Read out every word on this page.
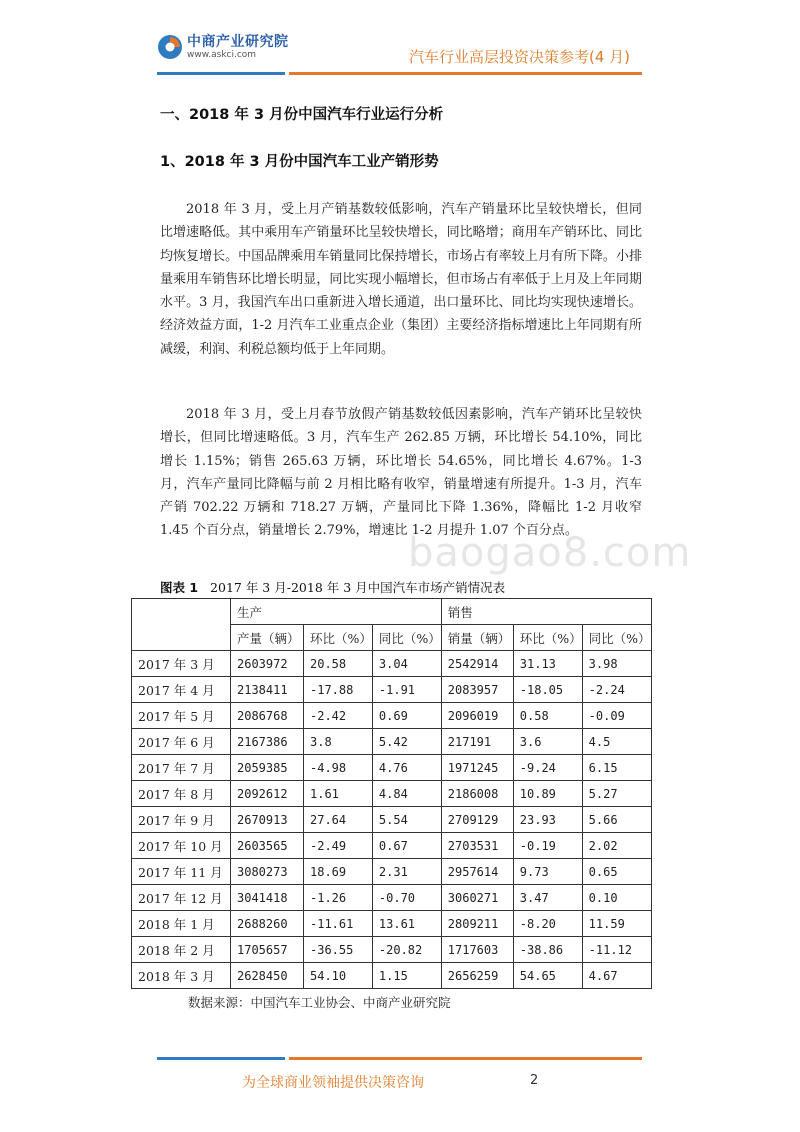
中商产业研究院
www.askci.com	汽车行业高层投资决策参考(4 月)
一、2018 年 3 月份中国汽车行业运行分析
1、2018 年 3 月份中国汽车工业产销形势

2018 年 3 月，受上月产销基数较低影响，汽车产销量环比呈较快增长，但同比增速略低。其中乘用车产销量环比呈较快增长，同比略增；商用车产销环比、同比均恢复增长。中国品牌乘用车销量同比保持增长，市场占有率较上月有所下降。小排量乘用车销售环比增长明显，同比实现小幅增长，但市场占有率低于上月及上年同期水平。3 月，我国汽车出口重新进入增长通道，出口量环比、同比均实现快速增长。经济效益方面，1-2 月汽车工业重点企业（集团）主要经济指标增速比上年同期有所减缓，利润、利税总额均低于上年同期。

2018 年 3 月，受上月春节放假产销基数较低因素影响，汽车产销环比呈较快增长，但同比增速略低。3 月，汽车生产 262.85 万辆，环比增长 54.10%，同比增长 1.15%；销售 265.63 万辆，环比增长 54.65%，同比增长 4.67%。1-3 月，汽车产量同比降幅与前 2 月相比略有收窄，销量增速有所提升。1-3 月，汽车产销 702.22 万辆和 718.27 万辆，产量同比下降 1.36%，降幅比 1-2 月收窄 1.45 个百分点，销量增长 2.79%，增速比 1-2 月提升 1.07 个百分点。

baogao8.com
图表 1 2017 年 3 月-2018 年 3 月中国汽车市场产销情况表
	生产			销售		
	产量（辆）	环比（%）	同比（%）	销量（辆）	环比（%）	同比（%）
2017 年 3 月	2603972	20.58	3.04	2542914	31.13	3.98
2017 年 4 月	2138411	-17.88	-1.91	2083957	-18.05	-2.24
2017 年 5 月	2086768	-2.42	0.69	2096019	0.58	-0.09
2017 年 6 月	2167386	3.8	5.42	217191	3.6	4.5
2017 年 7 月	2059385	-4.98	4.76	1971245	-9.24	6.15
2017 年 8 月	2092612	1.61	4.84	2186008	10.89	5.27
2017 年 9 月	2670913	27.64	5.54	2709129	23.93	5.66
2017 年 10 月	2603565	-2.49	0.67	2703531	-0.19	2.02
2017 年 11 月	3080273	18.69	2.31	2957614	9.73	0.65
2017 年 12 月	3041418	-1.26	-0.70	3060271	3.47	0.10
2018 年 1 月	2688260	-11.61	13.61	2809211	-8.20	11.59
2018 年 2 月	1705657	-36.55	-20.82	1717603	-38.86	-11.12
2018 年 3 月	2628450	54.10	1.15	2656259	54.65	4.67
数据来源：中国汽车工业协会、中商产业研究院
为全球商业领袖提供决策咨询	2
